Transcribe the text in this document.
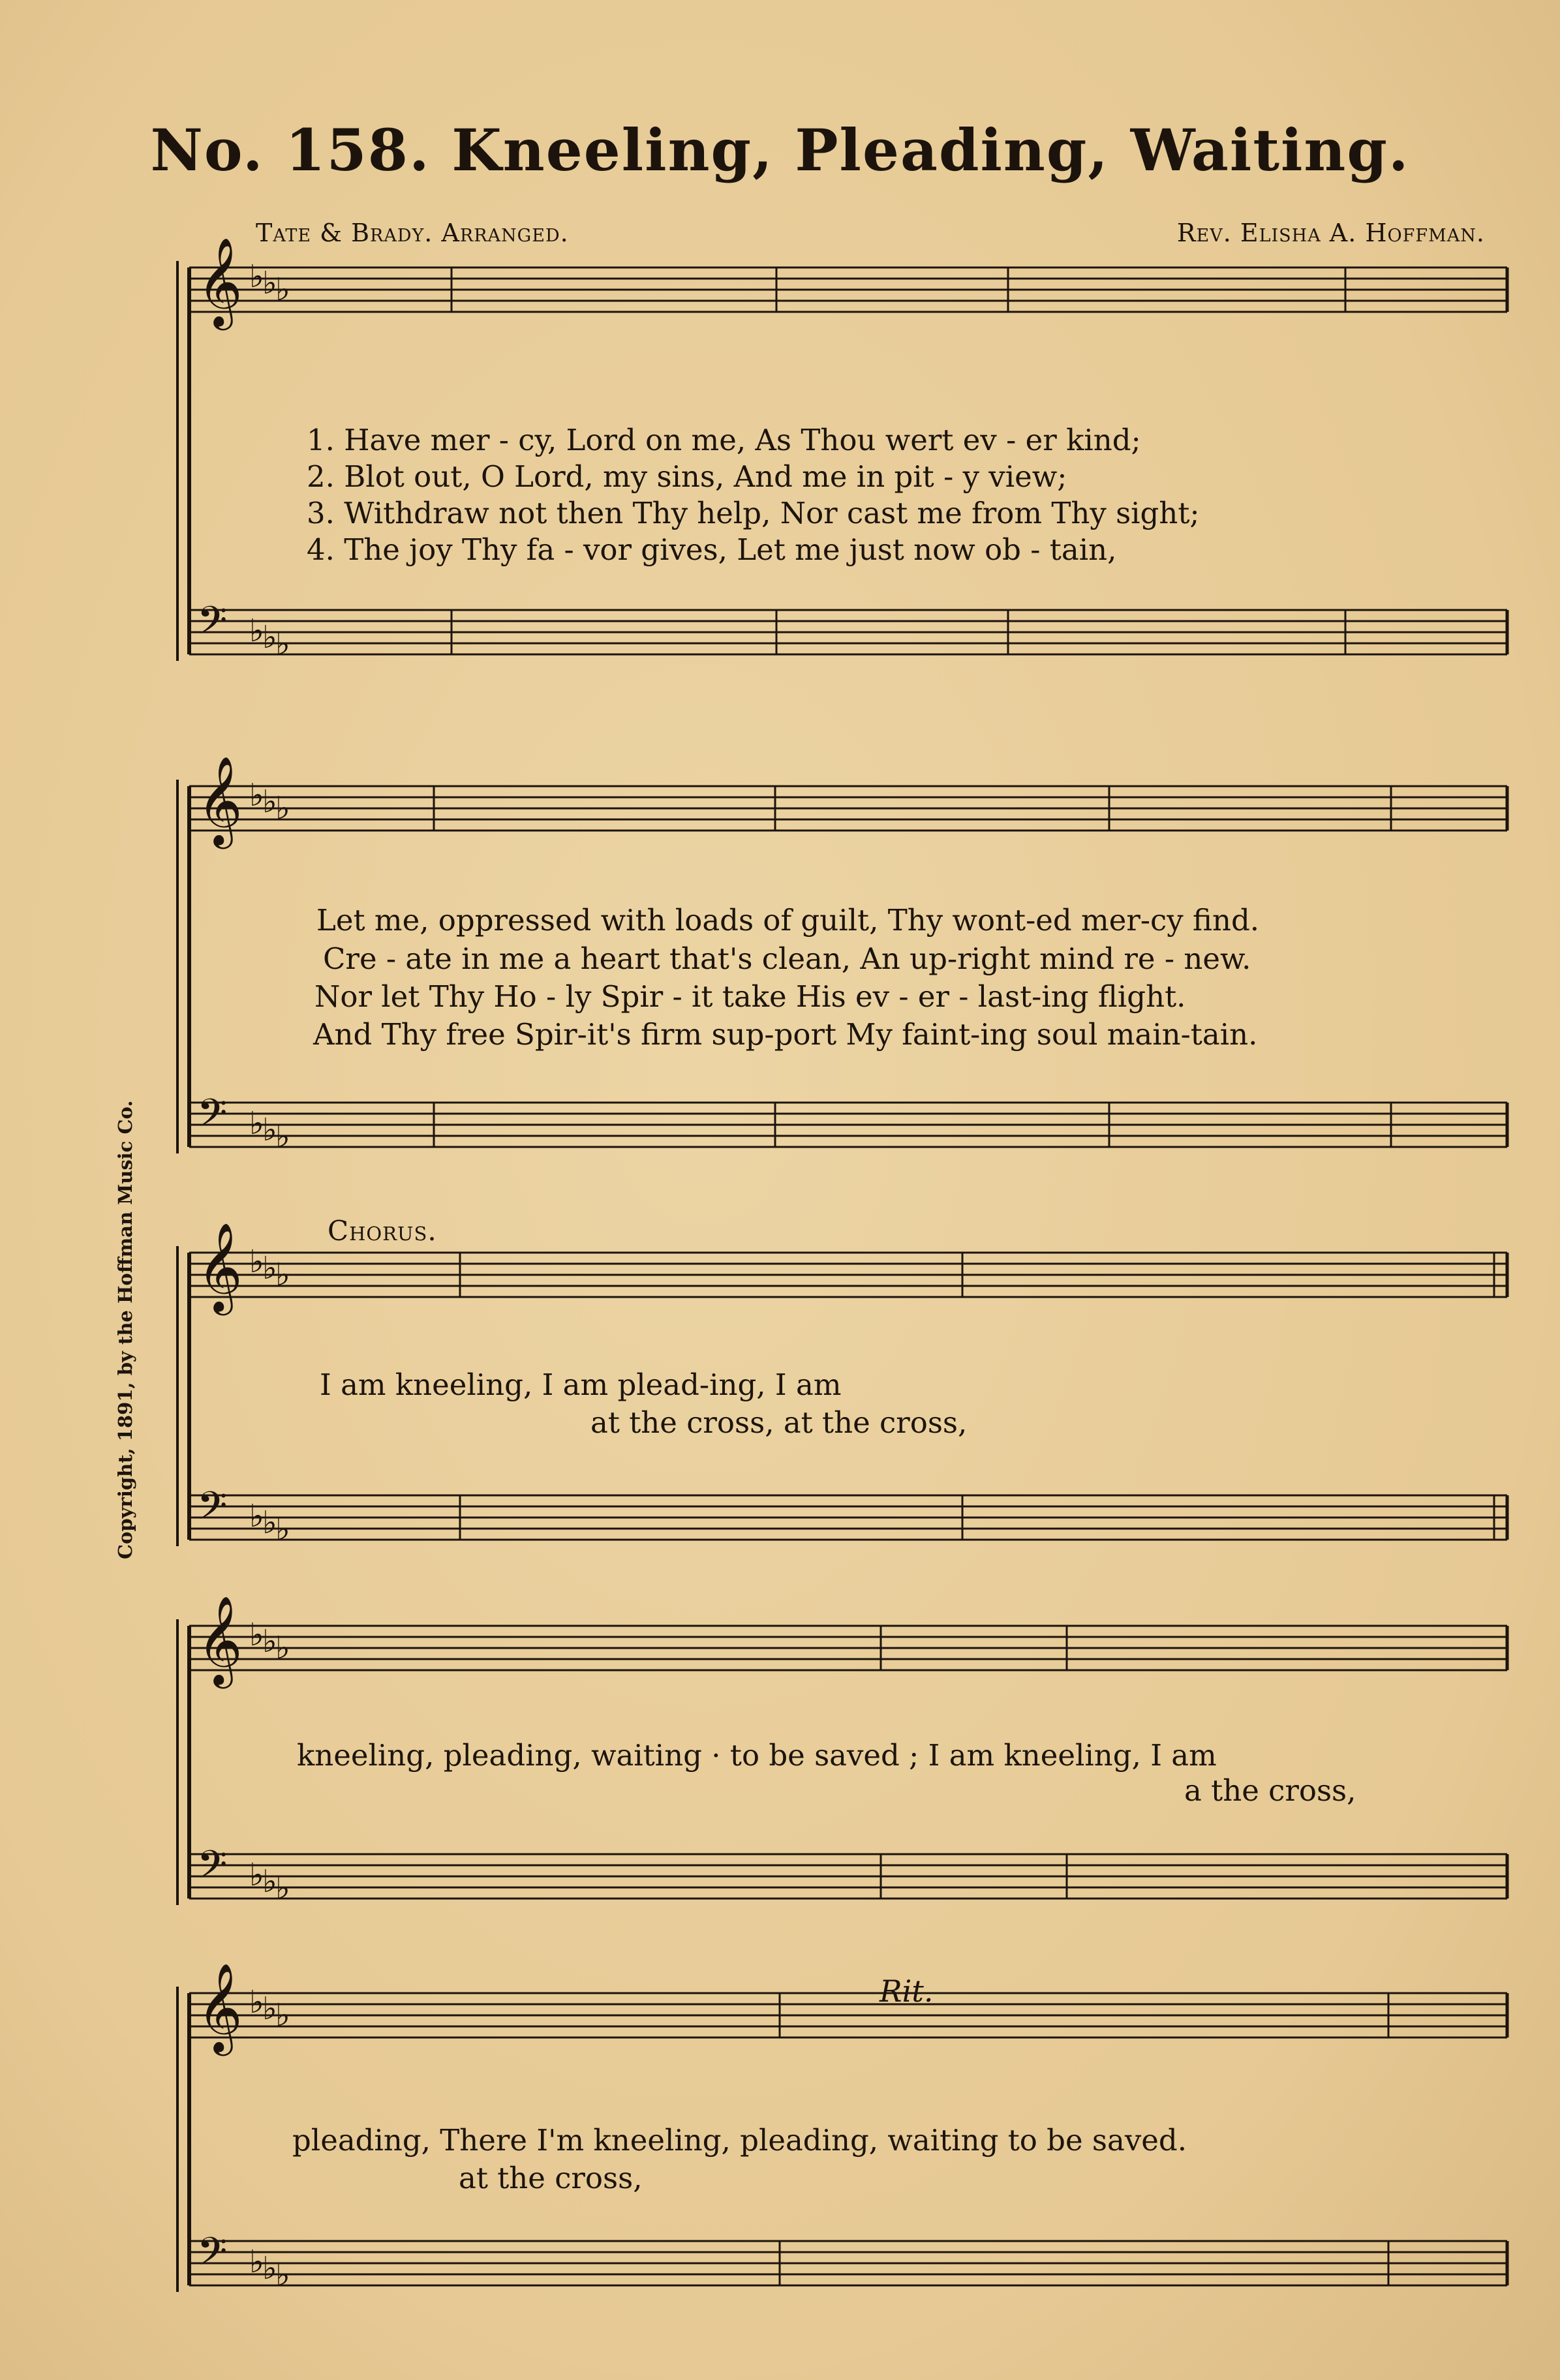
No. 158. Kneeling, Pleading, Waiting.
Tate & Brady. Arranged.	Rev. Elisha A. Hoffman.
Copyright, 1891, by the Hoffman Music Co.
𝄞 ♭
♭
♭
𝄢 ♭
♭
♭
𝄞 ♭
♭
♭
𝄢 ♭
♭
♭
𝄞 ♭
♭
♭
𝄢 ♭
♭
♭
𝄞 ♭
♭
♭
𝄢 ♭
♭
♭
𝄞 ♭
♭
♭
𝄢 ♭
♭
♭
1. Have mer - cy, Lord on me, As Thou wert ev - er kind;
2. Blot out, O Lord, my sins, And me in pit - y view;
3. Withdraw not then Thy help, Nor cast me from Thy sight;
4. The joy Thy fa - vor gives, Let me just now ob - tain,
Let me, oppressed with loads of guilt, Thy wont-ed mer-cy find.
Cre - ate in me a heart that's clean, An up-right mind re - new.
Nor let Thy Ho - ly Spir - it take His ev - er - last-ing flight.
And Thy free Spir-it's firm sup-port My faint-ing soul main-tain.
Chorus.
I am kneeling, I am plead-ing, I am
at the cross, at the cross,
kneeling, pleading, waiting · to be saved ; I am kneeling, I am
a the cross,
Rit.
pleading, There I'm kneeling, pleading, waiting to be saved.
at the cross,
